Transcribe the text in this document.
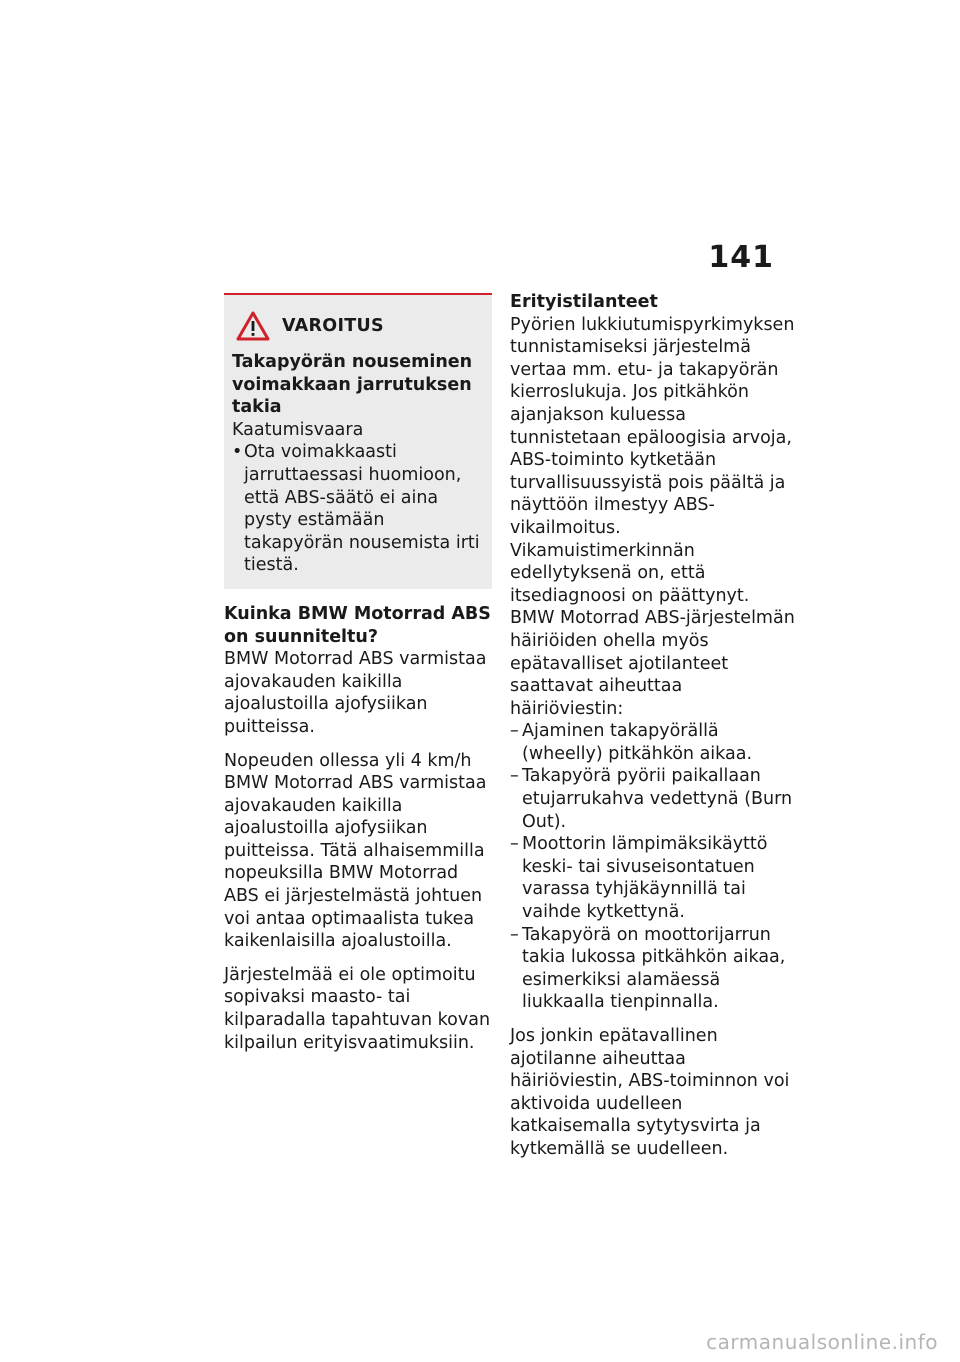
141
VAROITUS
Takapyörän nouseminen voimakkaan jarrutuksen takia
Kaatumisvaara
• Ota voimakkaasti jarruttaessasi huomioon, että ABS-säätö ei aina pysty estämään takapyörän nousemista irti tiestä.
Kuinka BMW Motorrad ABS on suunniteltu?

BMW Motorrad ABS varmistaa ajovakauden kaikilla ajoalustoilla ajofysiikan puitteissa.

Nopeuden ollessa yli 4 km/h BMW Motorrad ABS varmistaa ajovakauden kaikilla ajoalustoilla ajofysiikan puitteissa. Tätä alhaisemmilla nopeuksilla BMW Motorrad ABS ei järjestelmästä johtuen voi antaa optimaalista tukea kaikenlaisilla ajoalustoilla.

Järjestelmää ei ole optimoitu sopivaksi maasto- tai kilparadalla tapahtuvan kovan kilpailun erityisvaatimuksiin.

Erityistilanteet

Pyörien lukkiutumispyrkimyksen tunnistamiseksi järjestelmä vertaa mm. etu- ja takapyörän kierroslukuja. Jos pitkähkön ajanjakson kuluessa tunnistetaan epäloogisia arvoja, ABS-toiminto kytketään turvallisuussyistä pois päältä ja näyttöön ilmestyy ABS-vikailmoitus. Vikamuistimerkinnän edellytyksenä on, että itsediagnoosi on päättynyt.

BMW Motorrad ABS-järjestelmän häiriöiden ohella myös epätavalliset ajotilanteet saattavat aiheuttaa häiriöviestin:

– Ajaminen takapyörällä (wheelly) pitkähkön aikaa.
– Takapyörä pyörii paikallaan etujarrukahva vedettynä (Burn Out).
– Moottorin lämpimäksikäyttö keski- tai sivuseisontatuen varassa tyhjäkäynnillä tai vaihde kytkettynä.
– Takapyörä on moottorijarrun takia lukossa pitkähkön aikaa, esimerkiksi alamäessä liukkaalla tienpinnalla.

Jos jonkin epätavallinen ajotilanne aiheuttaa häiriöviestin, ABS-toiminnon voi aktivoida uudelleen katkaisemalla sytytysvirta ja kytkemällä se uudelleen.

carmanualsonline.info
